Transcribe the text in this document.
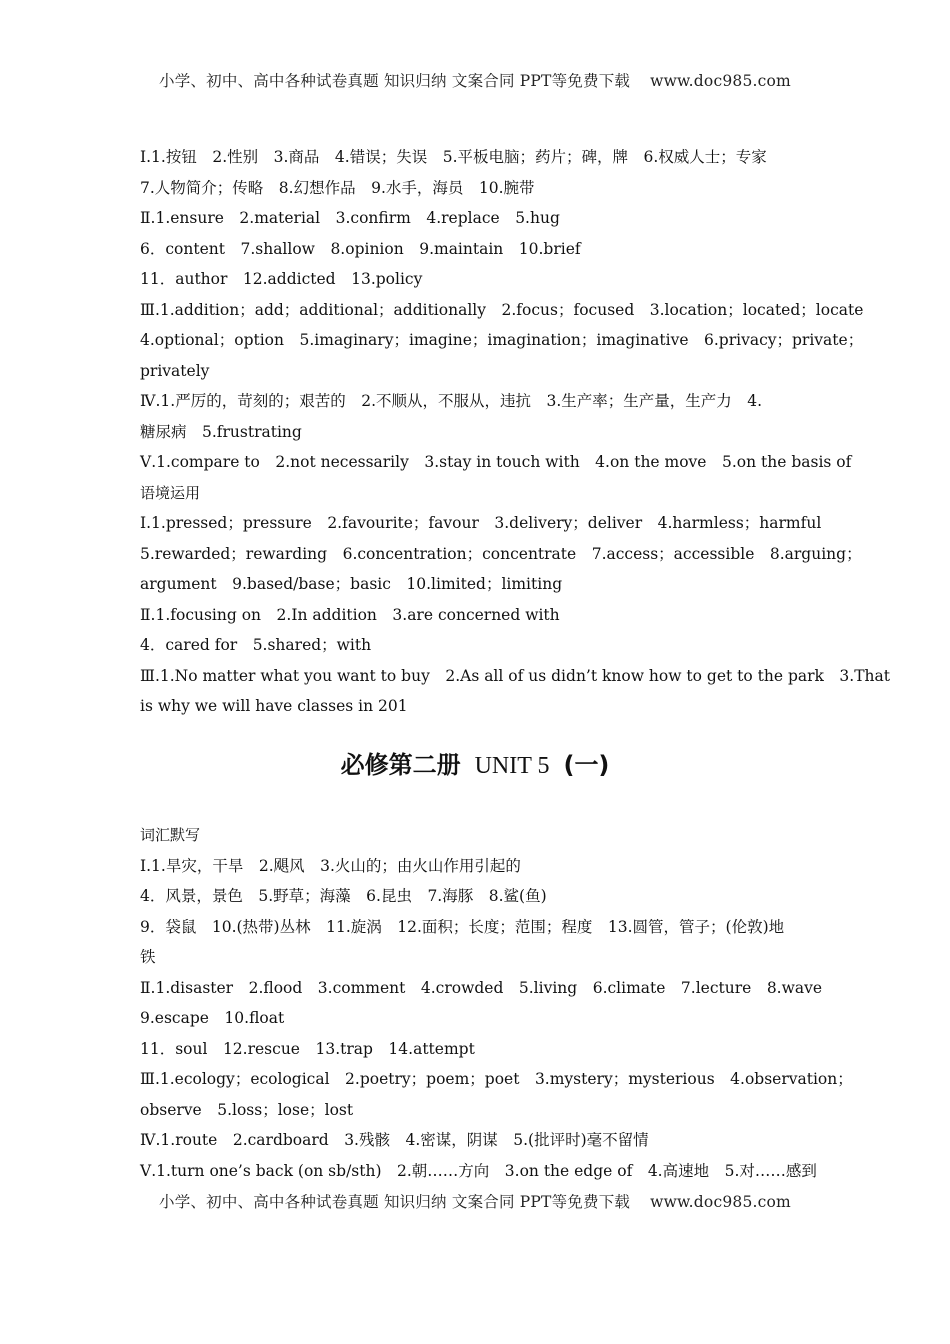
小学、初中、高中各种试卷真题 知识归纳 文案合同 PPT等免费下载 www.doc985.com
Ⅰ.1.按钮　2.性别　3.商品　4.错误；失误　5.平板电脑；药片；碑，牌　6.权威人士；专家
7.人物简介；传略　8.幻想作品　9.水手，海员　10.腕带
Ⅱ.1.ensure　2.material　3.confirm　4.replace　5.hug
6．content　7.shallow　8.opinion　9.maintain　10.brief
11．author　12.addicted　13.policy
Ⅲ.1.addition；add；additional；additionally　2.focus；focused　3.location；located；locate
4.optional；option　5.imaginary；imagine；imagination；imaginative　6.privacy；private；
privately
Ⅳ.1.严厉的，苛刻的；艰苦的　2.不顺从，不服从，违抗　3.生产率；生产量，生产力　4.
糖尿病　5.frustrating
Ⅴ.1.compare to　2.not necessarily　3.stay in touch with　4.on the move　5.on the basis of
语境运用
Ⅰ.1.pressed；pressure　2.favourite；favour　3.delivery；deliver　4.harmless；harmful
5.rewarded；rewarding　6.concentration；concentrate　7.access；accessible　8.arguing；
argument　9.based/base；basic　10.limited；limiting
Ⅱ.1.focusing on　2.In addition　3.are concerned with
4．cared for　5.shared；with
Ⅲ.1.No matter what you want to buy　2.As all of us didn’t know how to get to the park　3.That
is why we will have classes in 201
必修第二册 UNIT 5 (一)
词汇默写
Ⅰ.1.旱灾，干旱　2.飓风　3.火山的；由火山作用引起的
4．风景，景色　5.野草；海藻　6.昆虫　7.海豚　8.鲨(鱼)
9．袋鼠　10.(热带)丛林　11.旋涡　12.面积；长度；范围；程度　13.圆管，管子；(伦敦)地
铁
Ⅱ.1.disaster　2.flood　3.comment　4.crowded　5.living　6.climate　7.lecture　8.wave
9.escape　10.float
11．soul　12.rescue　13.trap　14.attempt
Ⅲ.1.ecology；ecological　2.poetry；poem；poet　3.mystery；mysterious　4.observation；
observe　5.loss；lose；lost
Ⅳ.1.route　2.cardboard　3.残骸　4.密谋，阴谋　5.(批评时)毫不留情
Ⅴ.1.turn one’s back (on sb/sth)　2.朝……方向　3.on the edge of　4.高速地　5.对……感到
小学、初中、高中各种试卷真题 知识归纳 文案合同 PPT等免费下载 www.doc985.com
